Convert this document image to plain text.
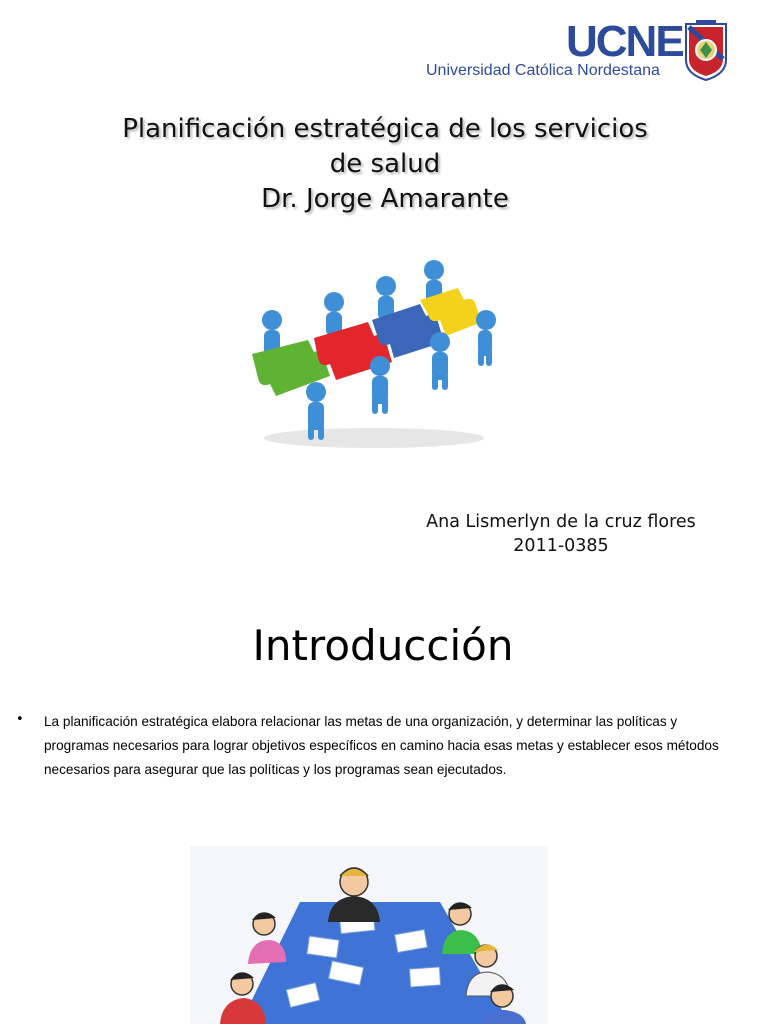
UCNE
Universidad Católica Nordestana
Planificación estratégica de los servicios
de salud
Dr. Jorge Amarante
Ana Lismerlyn de la cruz flores
2011-0385
Introducción
• La planificación estratégica elabora relacionar las metas de una organización, y determinar las políticas y programas necesarios para lograr objetivos específicos en camino hacia esas metas y establecer esos métodos necesarios para asegurar que las políticas y los programas sean ejecutados.
